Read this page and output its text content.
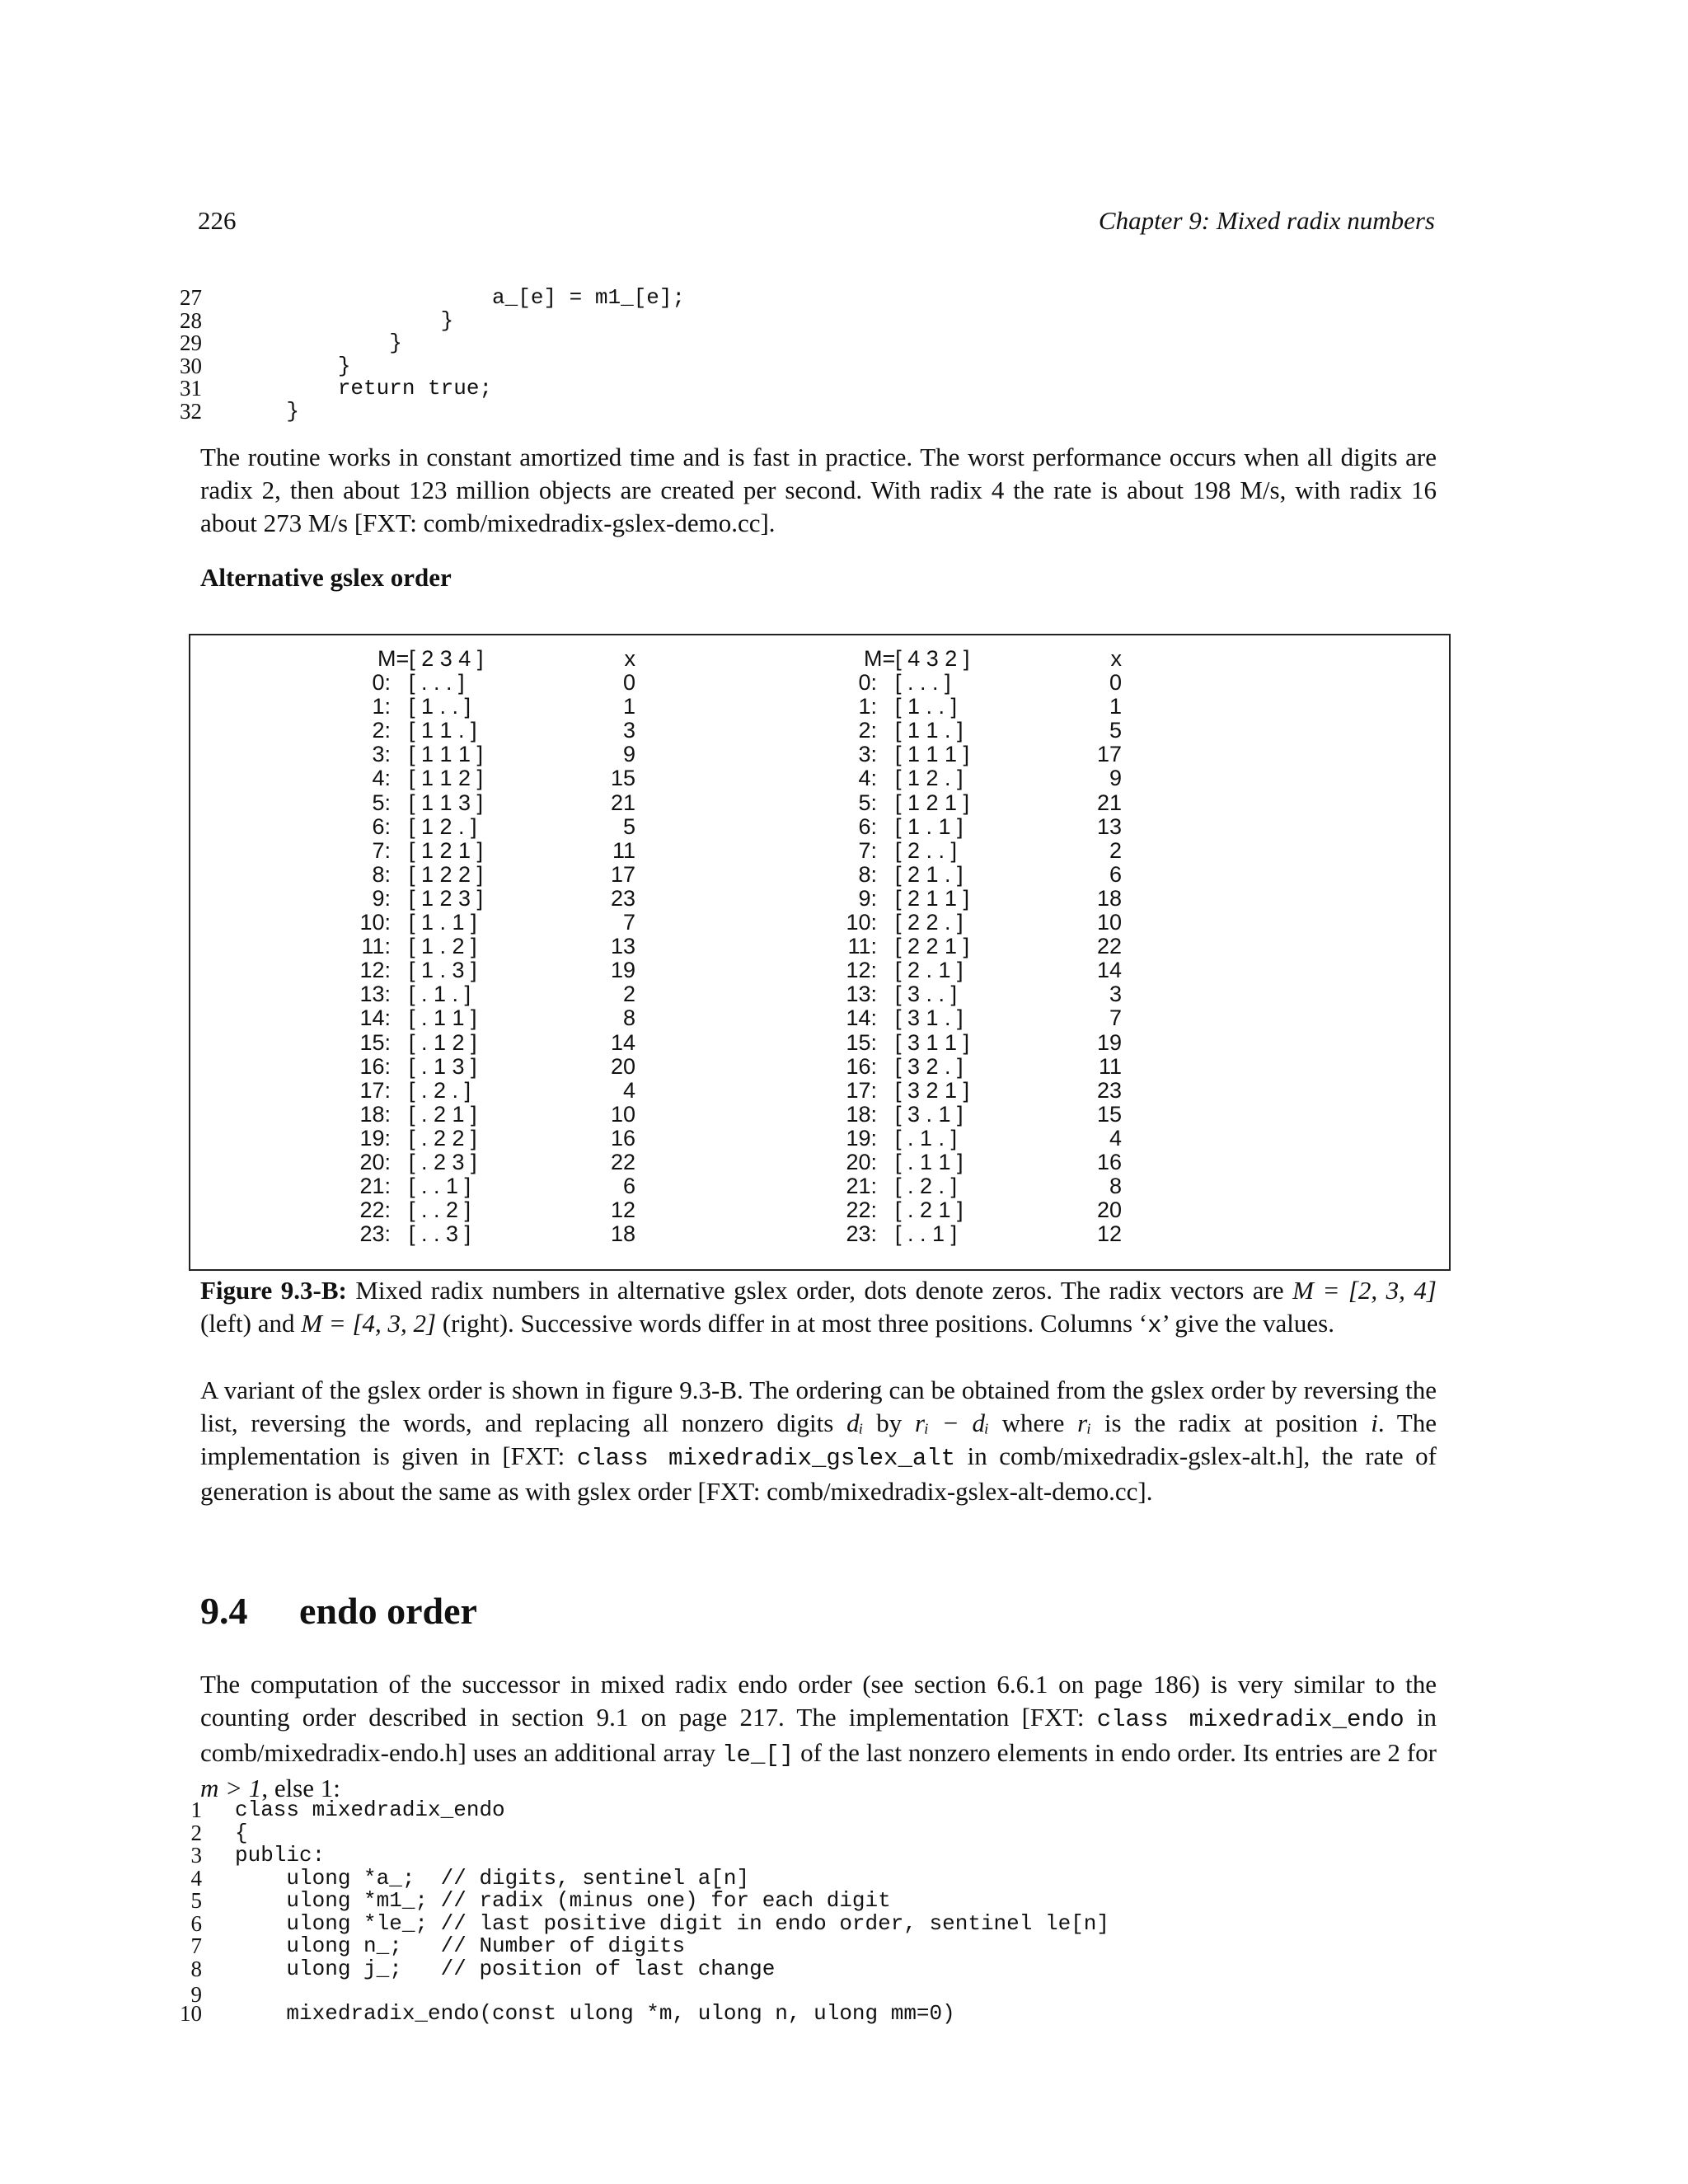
226	Chapter 9: Mixed radix numbers
27 a_[e] = m1_[e];
28 }
29 }
30 }
31 return true;
32 }
The routine works in constant amortized time and is fast in practice. The worst performance occurs when all digits are radix 2, then about 123 million objects are created per second. With radix 4 the rate is about 198 M/s, with radix 16 about 273 M/s [FXT: comb/mixedradix-gslex-demo.cc].
Alternative gslex order
M=[ 2 3 4 ]	x
0: [ . . . ]	0
1: [ 1 . . ]	1
2: [ 1 1 . ]	3
3: [ 1 1 1 ]	9
4: [ 1 1 2 ]	15
5: [ 1 1 3 ]	21
6: [ 1 2 . ]	5
7: [ 1 2 1 ]	11
8: [ 1 2 2 ]	17
9: [ 1 2 3 ]	23
10: [ 1 . 1 ]	7
11: [ 1 . 2 ]	13
12: [ 1 . 3 ]	19
13: [ . 1 . ]	2
14: [ . 1 1 ]	8
15: [ . 1 2 ]	14
16: [ . 1 3 ]	20
17: [ . 2 . ]	4
18: [ . 2 1 ]	10
19: [ . 2 2 ]	16
20: [ . 2 3 ]	22
21: [ . . 1 ]	6
22: [ . . 2 ]	12
23: [ . . 3 ]	18
M=[ 4 3 2 ]	x
0: [ . . . ]	0
1: [ 1 . . ]	1
2: [ 1 1 . ]	5
3: [ 1 1 1 ]	17
4: [ 1 2 . ]	9
5: [ 1 2 1 ]	21
6: [ 1 . 1 ]	13
7: [ 2 . . ]	2
8: [ 2 1 . ]	6
9: [ 2 1 1 ]	18
10: [ 2 2 . ]	10
11: [ 2 2 1 ]	22
12: [ 2 . 1 ]	14
13: [ 3 . . ]	3
14: [ 3 1 . ]	7
15: [ 3 1 1 ]	19
16: [ 3 2 . ]	11
17: [ 3 2 1 ]	23
18: [ 3 . 1 ]	15
19: [ . 1 . ]	4
20: [ . 1 1 ]	16
21: [ . 2 . ]	8
22: [ . 2 1 ]	20
23: [ . . 1 ]	12
Figure 9.3-B: Mixed radix numbers in alternative gslex order, dots denote zeros. The radix vectors are M = [2, 3, 4] (left) and M = [4, 3, 2] (right). Successive words differ in at most three positions. Columns ‘x’ give the values.
A variant of the gslex order is shown in figure 9.3-B. The ordering can be obtained from the gslex order by reversing the list, reversing the words, and replacing all nonzero digits dᵢ by rᵢ − dᵢ where rᵢ is the radix at position i. The implementation is given in [FXT: class mixedradix_gslex_alt in comb/mixedradix-gslex-alt.h], the rate of generation is about the same as with gslex order [FXT: comb/mixedradix-gslex-alt-demo.cc].
9.4 endo order
The computation of the successor in mixed radix endo order (see section 6.6.1 on page 186) is very similar to the counting order described in section 9.1 on page 217. The implementation [FXT: class mixedradix_endo in comb/mixedradix-endo.h] uses an additional array le_[] of the last nonzero elements in endo order. Its entries are 2 for m > 1, else 1:
1 class mixedradix_endo
2 {
3 public:
4 ulong *a_;  // digits, sentinel a[n]
5 ulong *m1_; // radix (minus one) for each digit
6 ulong *le_; // last positive digit in endo order, sentinel le[n]
7 ulong n_;   // Number of digits
8 ulong j_;   // position of last change
9
10 mixedradix_endo(const ulong *m, ulong n, ulong mm=0)
